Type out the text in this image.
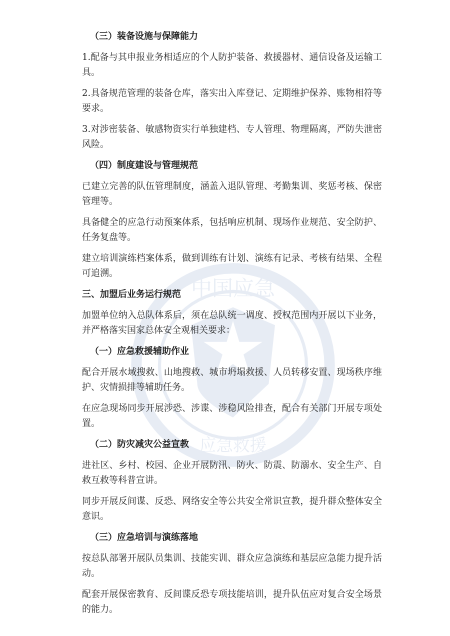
中国应急
应急救援
（三）装备设施与保障能力
1.配备与其申报业务相适应的个人防护装备、救援器材、通信设备及运输工具。
2.具备规范管理的装备仓库，落实出入库登记、定期维护保养、账物相符等要求。
3.对涉密装备、敏感物资实行单独建档、专人管理、物理隔离，严防失泄密风险。
（四）制度建设与管理规范
已建立完善的队伍管理制度，涵盖入退队管理、考勤集训、奖惩考核、保密管理等。
具备健全的应急行动预案体系，包括响应机制、现场作业规范、安全防护、任务复盘等。
建立培训演练档案体系，做到训练有计划、演练有记录、考核有结果、全程可追溯。
三、加盟后业务运行规范
加盟单位纳入总队体系后，须在总队统一调度、授权范围内开展以下业务，并严格落实国家总体安全观相关要求：
（一）应急救援辅助作业
配合开展水域搜救、山地搜救、城市坍塌救援、人员转移安置、现场秩序维护、灾情损排等辅助任务。
在应急现场同步开展涉恐、涉谍、涉稳风险排查，配合有关部门开展专项处置。
（二）防灾减灾公益宣教
进社区、乡村、校园、企业开展防汛、防火、防震、防溺水、安全生产、自救互救等科普宣讲。
同步开展反间谍、反恐、网络安全等公共安全常识宣教，提升群众整体安全意识。
（三）应急培训与演练落地
按总队部署开展队员集训、技能实训、群众应急演练和基层应急能力提升活动。
配套开展保密教育、反间谍反恐专项技能培训，提升队伍应对复合安全场景的能力。
